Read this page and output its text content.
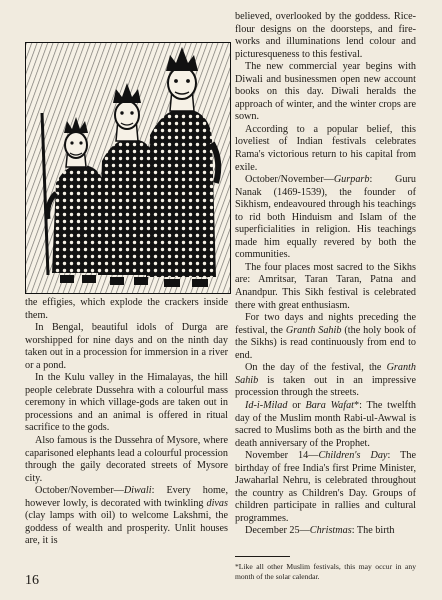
believed, overlooked by the goddess. Rice-flour designs on the doorsteps, and fire-works and illuminations lend colour and picturesqueness to this festival.

The new commercial year begins with Diwali and businessmen open new account books on this day. Diwali heralds the approach of winter, and the winter crops are sown.

According to a popular belief, this loveliest of Indian festivals celebrates Rama's victorious return to his capital from exile.

October/November—Gurparb: Guru Nanak (1469-1539), the founder of Sikhism, endeavoured through his teachings to rid both Hinduism and Islam of the superficialities in religion. His teachings made him equally revered by both the communities.

The four places most sacred to the Sikhs are: Amritsar, Taran Taran, Patna and Anandpur. This Sikh festival is celebrated there with great enthusiasm.

For two days and nights preceding the festival, the Granth Sahib (the holy book of the Sikhs) is read continuously from end to end.

On the day of the festival, the Granth Sahib is taken out in an impressive procession through the streets.

Id-i-Milad or Bara Wafat*: The twelfth day of the Muslim month Rabi-ul-Awwal is sacred to Muslims both as the birth and the death anniversary of the Prophet.

November 14—Children's Day: The birthday of free India's first Prime Minister, Jawaharlal Nehru, is celebrated throughout the country as Children's Day. Groups of children participate in rallies and cultural programmes.

December 25—Christmas: The birth

the effigies, which explode the crackers inside them.

In Bengal, beautiful idols of Durga are worshipped for nine days and on the ninth day taken out in a procession for immersion in a river or a pond.

In the Kulu valley in the Himalayas, the hill people celebrate Dussehra with a colourful mass ceremony in which village-gods are taken out in processions and an animal is offered in ritual sacrifice to the gods.

Also famous is the Dussehra of Mysore, where caparisoned elephants lead a colourful procession through the gaily decorated streets of Mysore city.

October/November—Diwali: Every home, however lowly, is decorated with twinkling divas (clay lamps with oil) to welcome Lakshmi, the goddess of wealth and prosperity. Unlit houses are, it is

*Like all other Muslim festivals, this may occur in any month of the solar calendar.
16
